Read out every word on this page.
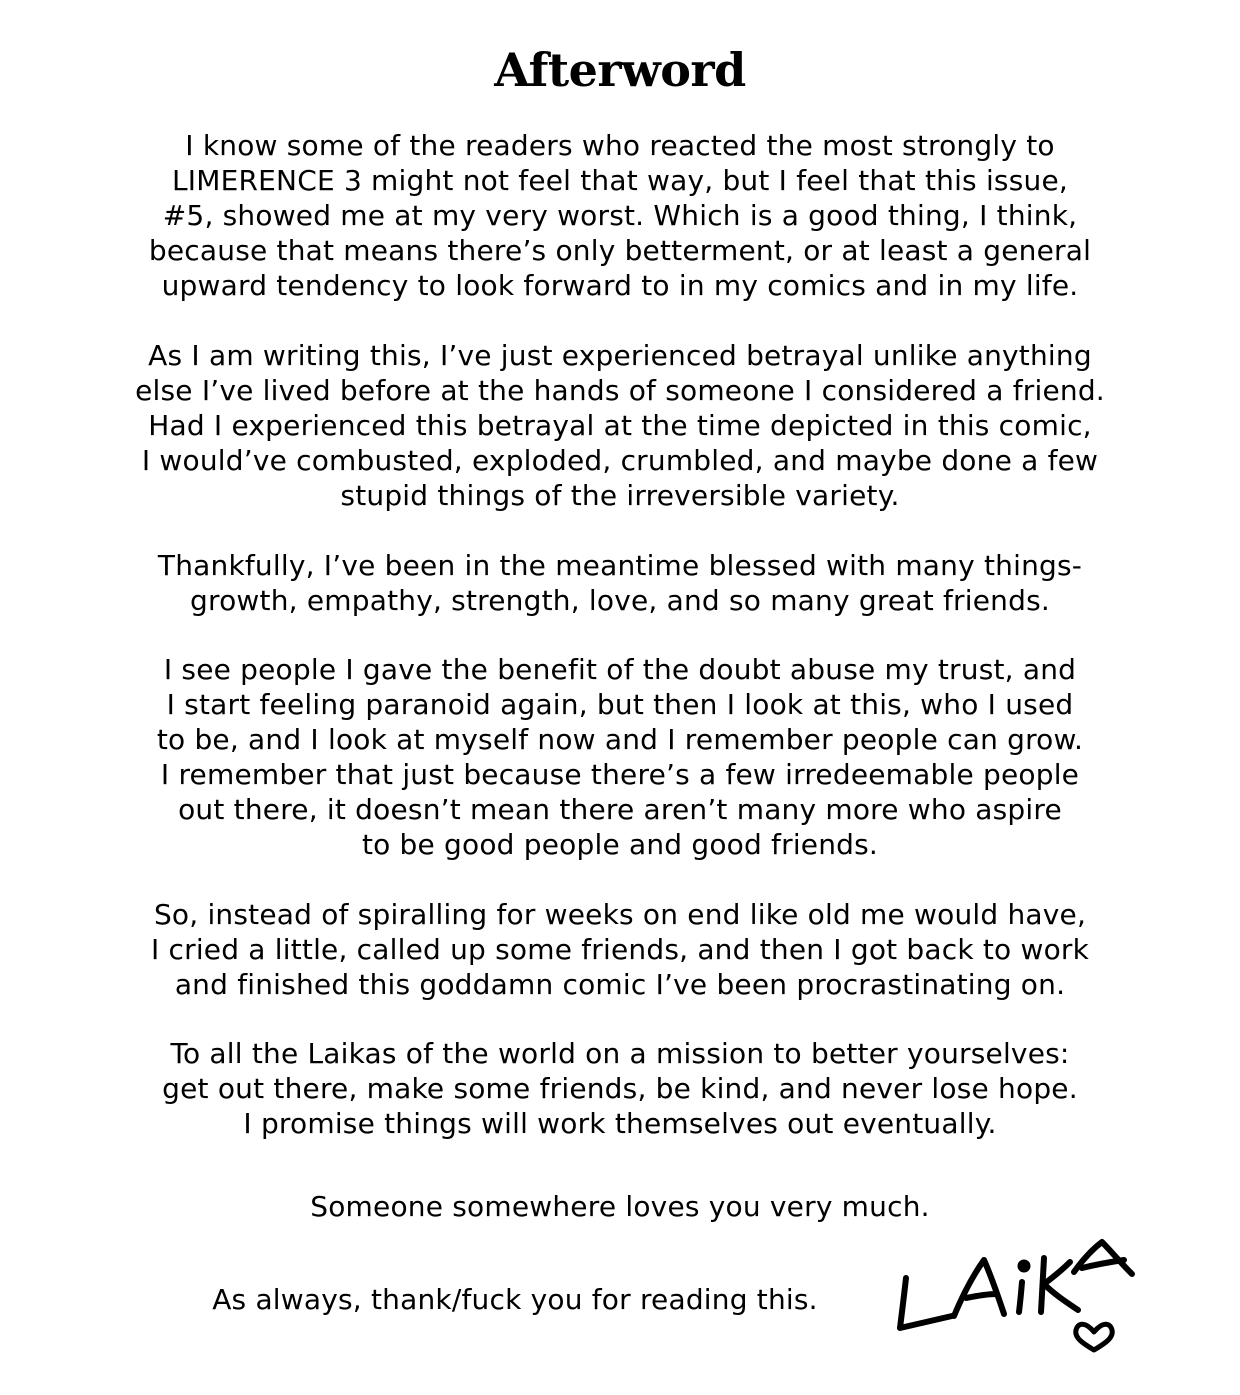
Afterword

I know some of the readers who reacted the most strongly to
LIMERENCE 3 might not feel that way, but I feel that this issue,
#5, showed me at my very worst. Which is a good thing, I think,
because that means there’s only betterment, or at least a general
upward tendency to look forward to in my comics and in my life.

As I am writing this, I’ve just experienced betrayal unlike anything
else I’ve lived before at the hands of someone I considered a friend.
Had I experienced this betrayal at the time depicted in this comic,
I would’ve combusted, exploded, crumbled, and maybe done a few
stupid things of the irreversible variety.

Thankfully, I’ve been in the meantime blessed with many things-
growth, empathy, strength, love, and so many great friends.

I see people I gave the benefit of the doubt abuse my trust, and
I start feeling paranoid again, but then I look at this, who I used
to be, and I look at myself now and I remember people can grow.
I remember that just because there’s a few irredeemable people
out there, it doesn’t mean there aren’t many more who aspire
to be good people and good friends.

So, instead of spiralling for weeks on end like old me would have,
I cried a little, called up some friends, and then I got back to work
and finished this goddamn comic I’ve been procrastinating on.

To all the Laikas of the world on a mission to better yourselves:
get out there, make some friends, be kind, and never lose hope.
I promise things will work themselves out eventually.

Someone somewhere loves you very much.

As always, thank/fuck you for reading this.
